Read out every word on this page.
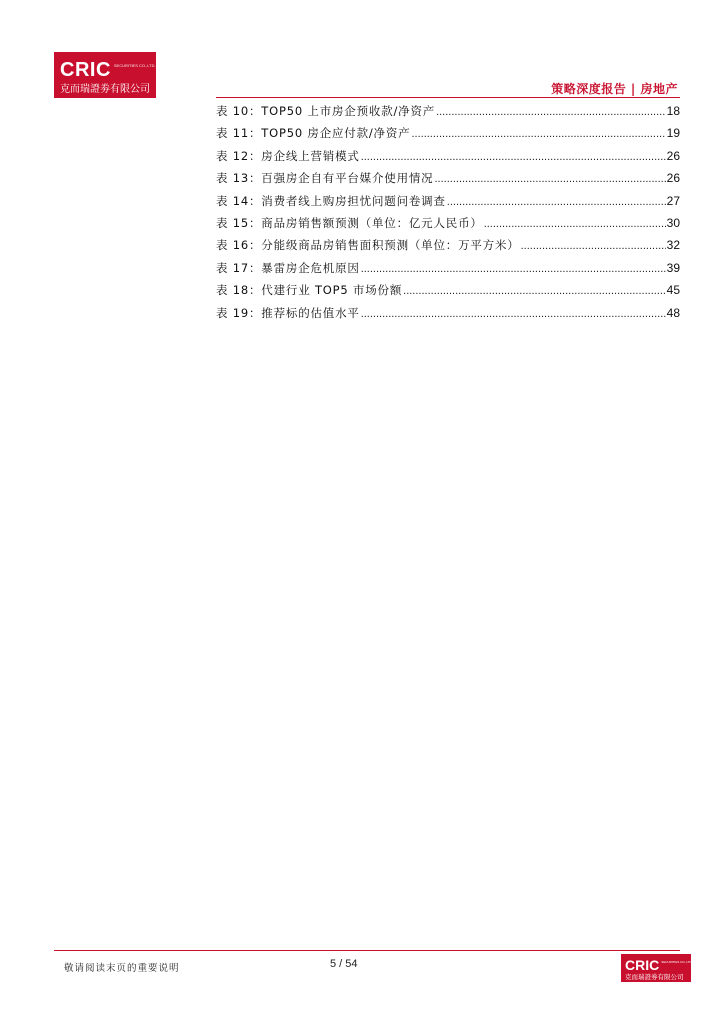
CRIC SECURITIES CO.,LTD.
克而瑞證劵有限公司	策略深度报告 | 房地产
表 10：TOP50 上市房企预收款/净资产 .....	18
表 11：TOP50 房企应付款/净资产 .....	19
表 12：房企线上营销模式 .....	26
表 13：百强房企自有平台媒介使用情况 .....	26
表 14：消费者线上购房担忧问题问卷调查 .....	27
表 15：商品房销售额预测（单位：亿元人民币） .....	30
表 16：分能级商品房销售面积预测（单位：万平方米） .....	32
表 17：暴雷房企危机原因 .....	39
表 18：代建行业 TOP5 市场份额 .....	45
表 19：推荐标的估值水平 .....	48
敬请阅读末页的重要说明	5 / 54	CRIC SECURITIES CO.,LTD.
克而瑞證劵有限公司
